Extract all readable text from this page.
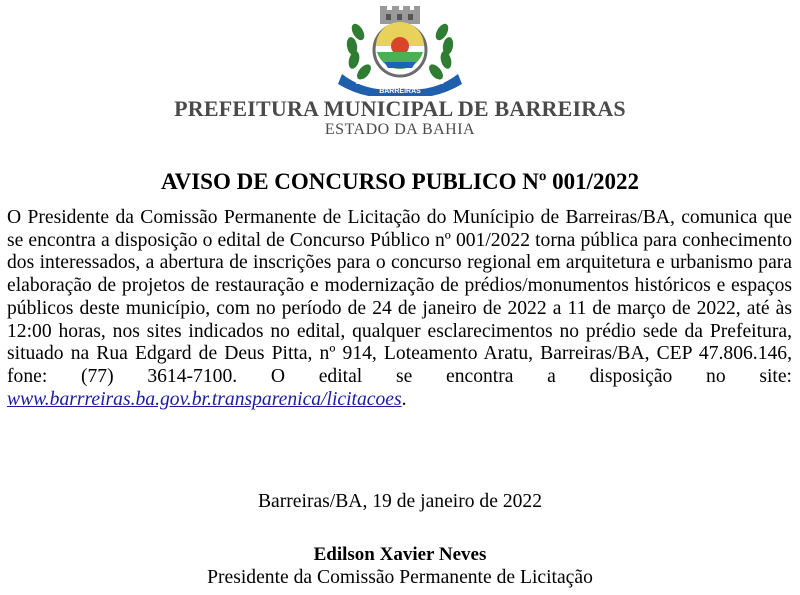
20-05	1891
BARREIRAS
PREFEITURA MUNICIPAL DE BARREIRAS
ESTADO DA BAHIA
AVISO DE CONCURSO PUBLICO Nº 001/2022
O Presidente da Comissão Permanente de Licitação do Munícipio de Barreiras/BA, comunica que se encontra a disposição o edital de Concurso Público nº 001/2022 torna pública para conhecimento dos interessados, a abertura de inscrições para o concurso regional em arquitetura e urbanismo para elaboração de projetos de restauração e modernização de prédios/monumentos históricos e espaços públicos deste município, com no período de 24 de janeiro de 2022 a 11 de março de 2022, até às 12:00 horas, nos sites indicados no edital, qualquer esclarecimentos no prédio sede da Prefeitura, situado na Rua Edgard de Deus Pitta, nº 914, Loteamento Aratu, Barreiras/BA, CEP 47.806.146, fone: (77) 3614-7100. O edital se encontra a disposição no site: www.barrreiras.ba.gov.br.transparenica/licitacoes.
Barreiras/BA, 19 de janeiro de 2022
Edilson Xavier Neves
Presidente da Comissão Permanente de Licitação
